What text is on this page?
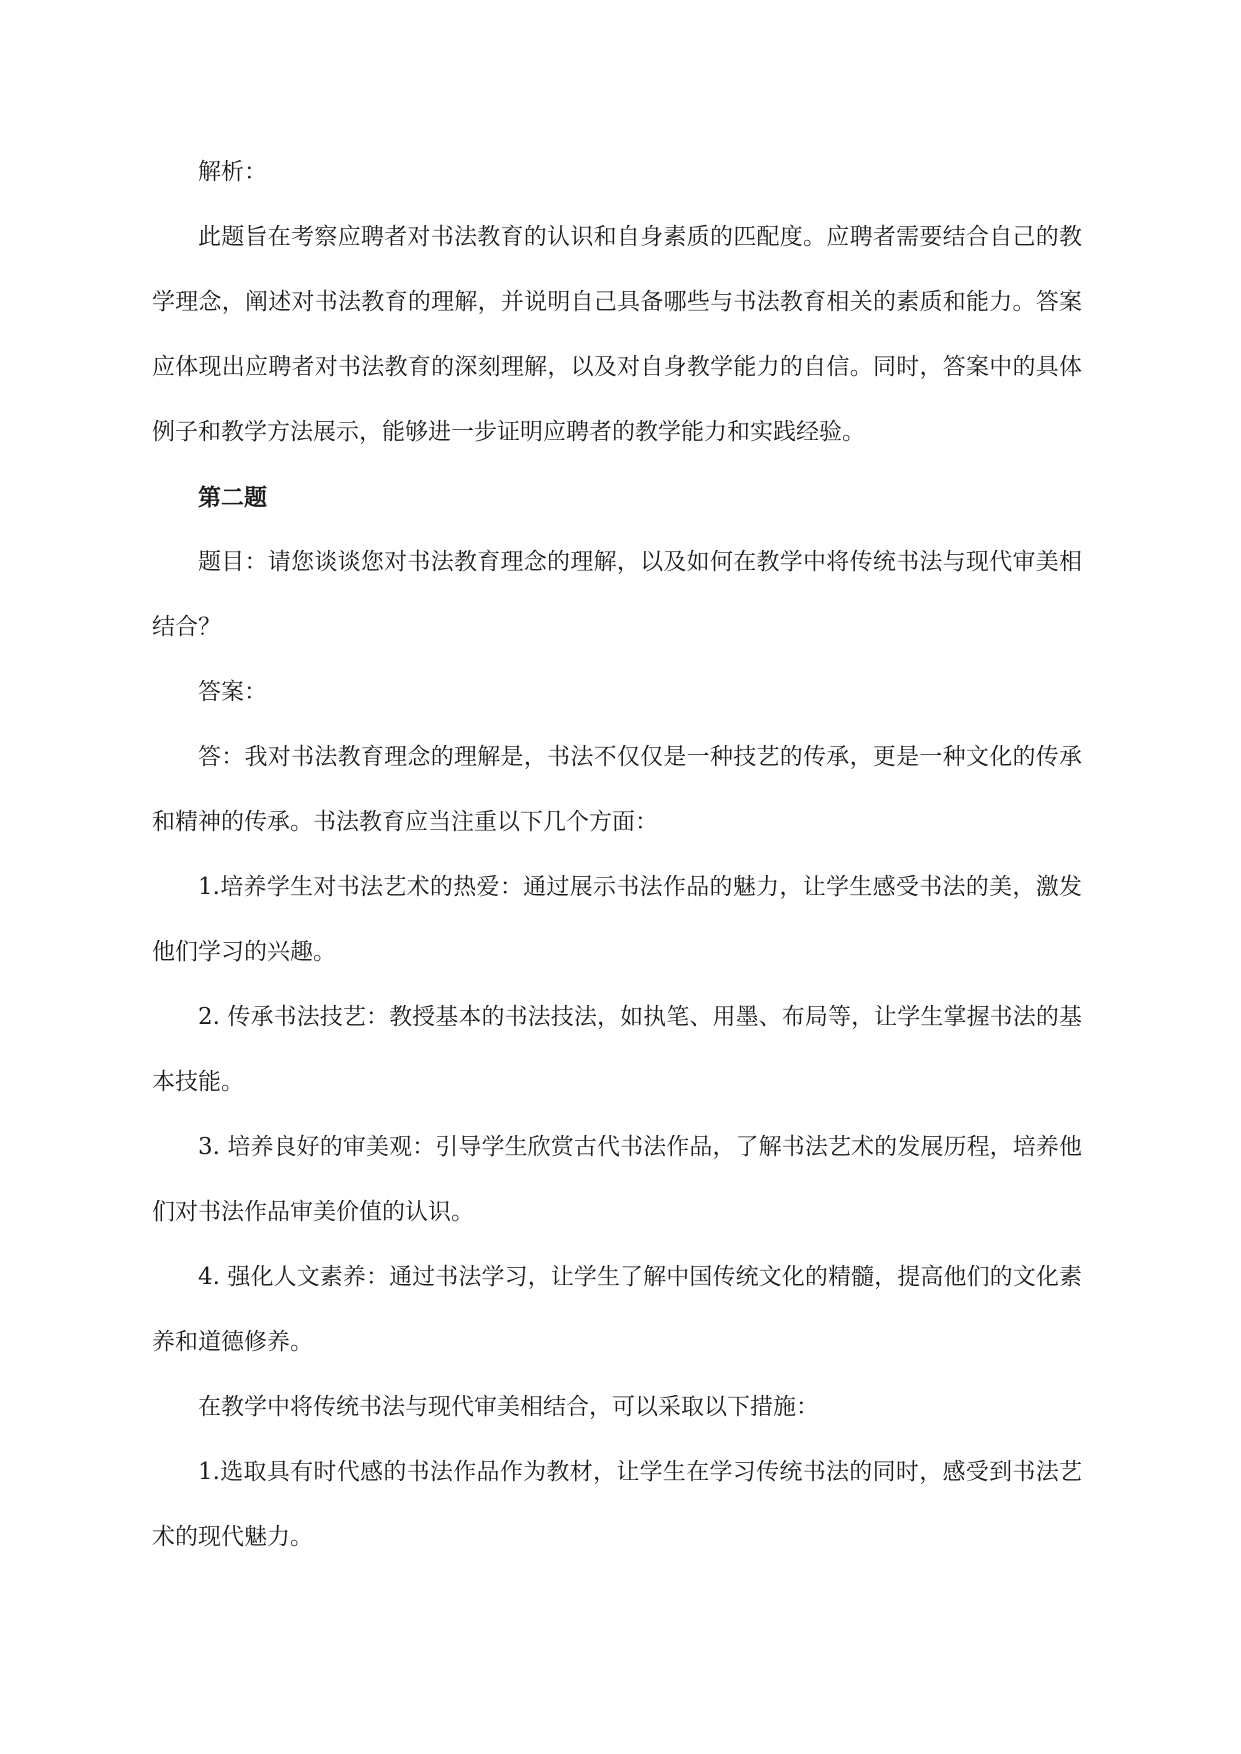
解析：

此题旨在考察应聘者对书法教育的认识和自身素质的匹配度。应聘者需要结合自己的教学理念，阐述对书法教育的理解，并说明自己具备哪些与书法教育相关的素质和能力。答案应体现出应聘者对书法教育的深刻理解，以及对自身教学能力的自信。同时，答案中的具体例子和教学方法展示，能够进一步证明应聘者的教学能力和实践经验。

第二题

题目：请您谈谈您对书法教育理念的理解，以及如何在教学中将传统书法与现代审美相结合？

答案：

答：我对书法教育理念的理解是，书法不仅仅是一种技艺的传承，更是一种文化的传承和精神的传承。书法教育应当注重以下几个方面：

1.培养学生对书法艺术的热爱：通过展示书法作品的魅力，让学生感受书法的美，激发他们学习的兴趣。

2. 传承书法技艺：教授基本的书法技法，如执笔、用墨、布局等，让学生掌握书法的基本技能。

3. 培养良好的审美观：引导学生欣赏古代书法作品，了解书法艺术的发展历程，培养他们对书法作品审美价值的认识。

4. 强化人文素养：通过书法学习，让学生了解中国传统文化的精髓，提高他们的文化素养和道德修养。

在教学中将传统书法与现代审美相结合，可以采取以下措施：

1.选取具有时代感的书法作品作为教材，让学生在学习传统书法的同时，感受到书法艺术的现代魅力。
